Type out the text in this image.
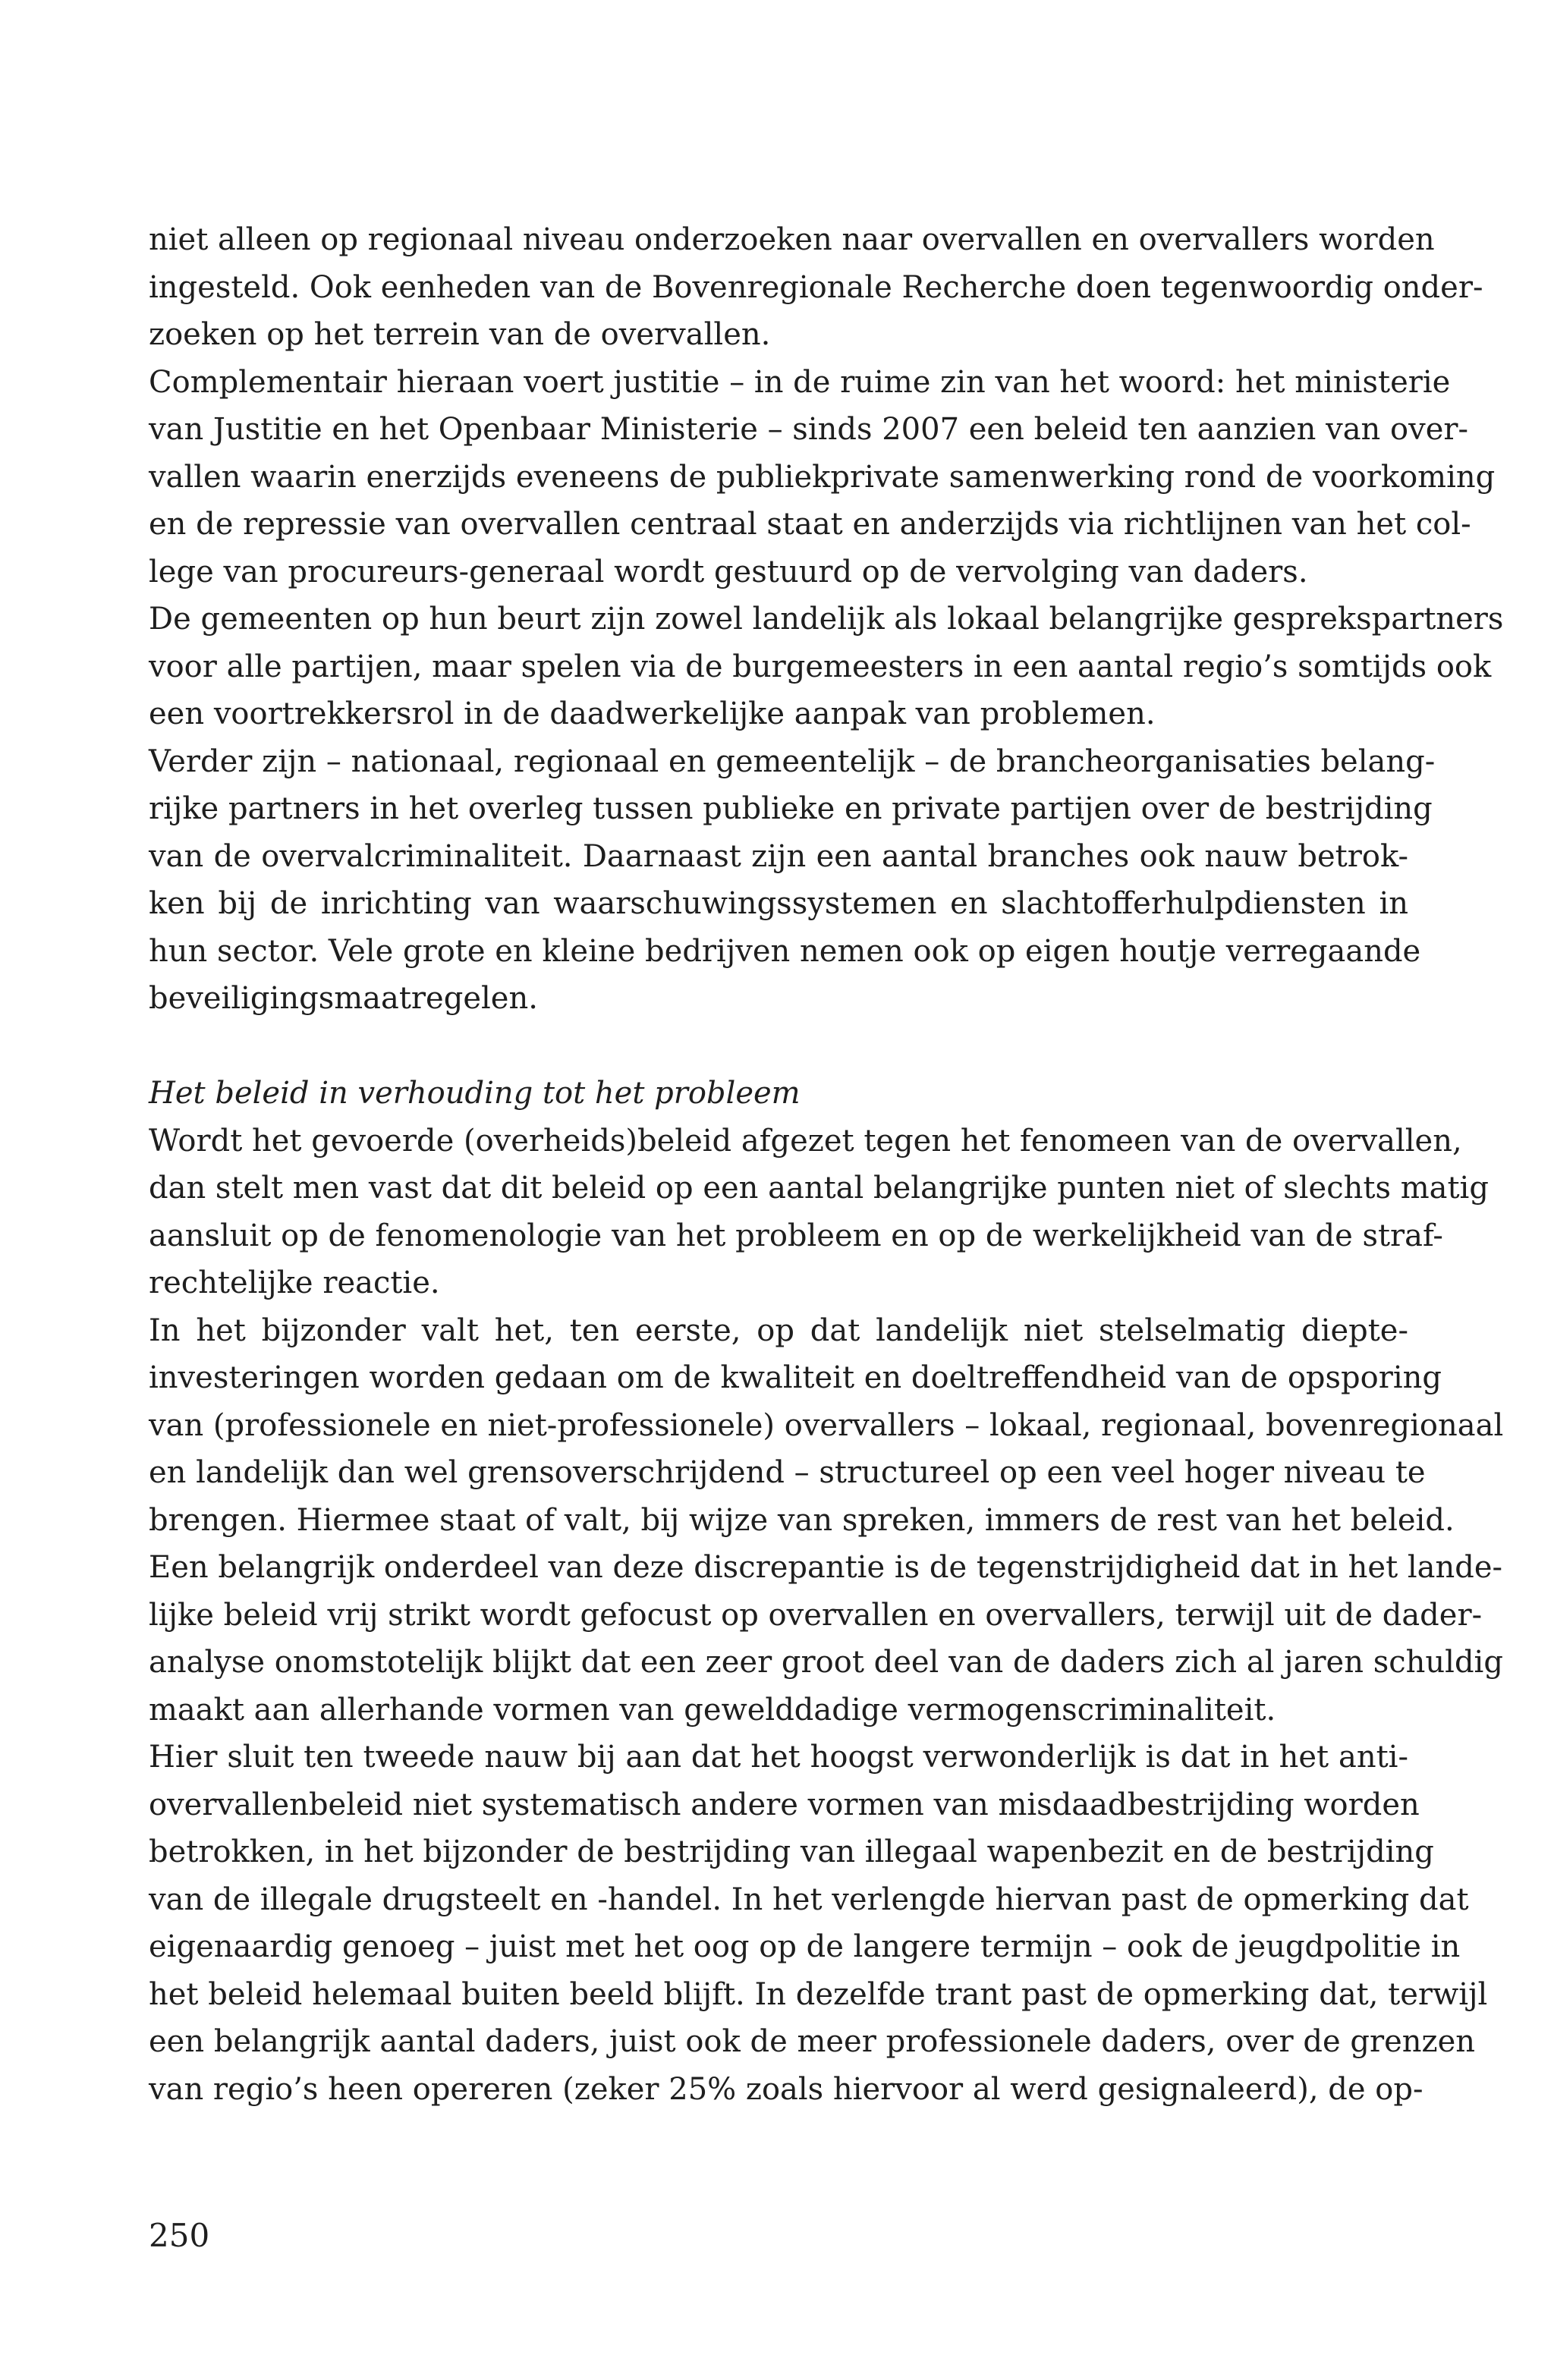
niet alleen op regionaal niveau onderzoeken naar overvallen en overvallers worden
ingesteld. Ook eenheden van de Bovenregionale Recherche doen tegenwoordig onder-
zoeken op het terrein van de overvallen.
Complementair hieraan voert justitie – in de ruime zin van het woord: het ministerie
van Justitie en het Openbaar Ministerie – sinds 2007 een beleid ten aanzien van over-
vallen waarin enerzijds eveneens de publiekprivate samenwerking rond de voorkoming
en de repressie van overvallen centraal staat en anderzijds via richtlijnen van het col-
lege van procureurs-generaal wordt gestuurd op de vervolging van daders.
De gemeenten op hun beurt zijn zowel landelijk als lokaal belangrijke gesprekspartners
voor alle partijen, maar spelen via de burgemeesters in een aantal regio’s somtijds ook
een voortrekkersrol in de daadwerkelijke aanpak van problemen.
Verder zijn – nationaal, regionaal en gemeentelijk – de brancheorganisaties belang-
rijke partners in het overleg tussen publieke en private partijen over de bestrijding
van de overvalcriminaliteit. Daarnaast zijn een aantal branches ook nauw betrok-
ken bij de inrichting van waarschuwingssystemen en slachtofferhulpdiensten in
hun sector. Vele grote en kleine bedrijven nemen ook op eigen houtje verregaande
beveiligingsmaatregelen.
Het beleid in verhouding tot het probleem
Wordt het gevoerde (overheids)beleid afgezet tegen het fenomeen van de overvallen,
dan stelt men vast dat dit beleid op een aantal belangrijke punten niet of slechts matig
aansluit op de fenomenologie van het probleem en op de werkelijkheid van de straf-
rechtelijke reactie.
In het bijzonder valt het, ten eerste, op dat landelijk niet stelselmatig diepte-
investeringen worden gedaan om de kwaliteit en doeltreffendheid van de opsporing
van (professionele en niet-professionele) overvallers – lokaal, regionaal, bovenregionaal
en landelijk dan wel grensoverschrijdend – structureel op een veel hoger niveau te
brengen. Hiermee staat of valt, bij wijze van spreken, immers de rest van het beleid.
Een belangrijk onderdeel van deze discrepantie is de tegenstrijdigheid dat in het lande-
lijke beleid vrij strikt wordt gefocust op overvallen en overvallers, terwijl uit de dader-
analyse onomstotelijk blijkt dat een zeer groot deel van de daders zich al jaren schuldig
maakt aan allerhande vormen van gewelddadige vermogenscriminaliteit.
Hier sluit ten tweede nauw bij aan dat het hoogst verwonderlijk is dat in het anti-
overvallenbeleid niet systematisch andere vormen van misdaadbestrijding worden
betrokken, in het bijzonder de bestrijding van illegaal wapenbezit en de bestrijding
van de illegale drugsteelt en -handel. In het verlengde hiervan past de opmerking dat
eigenaardig genoeg – juist met het oog op de langere termijn – ook de jeugdpolitie in
het beleid helemaal buiten beeld blijft. In dezelfde trant past de opmerking dat, terwijl
een belangrijk aantal daders, juist ook de meer professionele daders, over de grenzen
van regio’s heen opereren (zeker 25% zoals hiervoor al werd gesignaleerd), de op-
250
